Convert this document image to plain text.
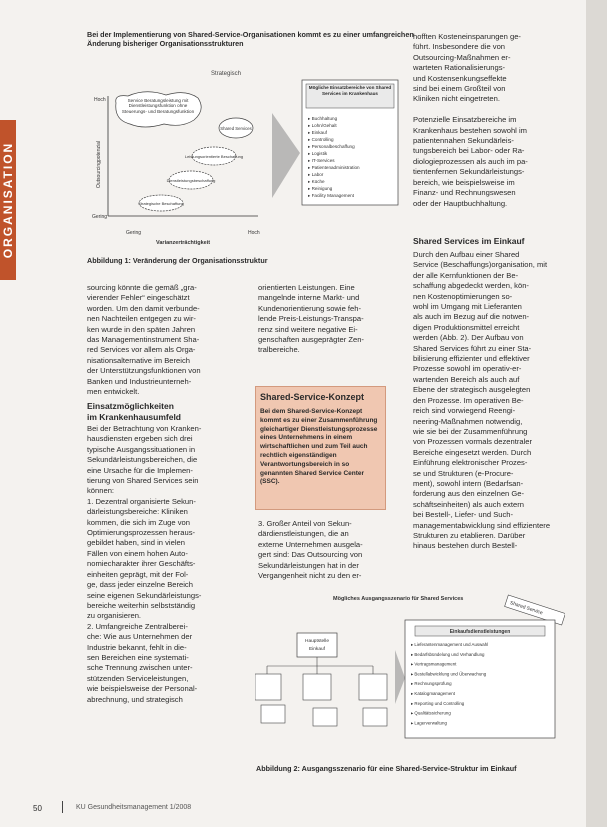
ORGANISATION
Bei der Implementierung von Shared-Service-Organisationen kommt es zu einer umfangreichen Änderung bisheriger Organisationsstrukturen
Strategisch
Hoch
Gering
Outsourcingpotenzial
Gering	Hoch
Varianzerträchtigkeit
Service Beratungsleistung mit Dienstleistungsfunktion ohne Steuerungs- und Beratungsfunktion
Shared Services
Leistungsorientierte Beschaffung
Dienstleistungsbeschaffung
Strategische Beschaffung
Mögliche Einsatzbereiche von Shared Services im Krankenhaus
▸ Buchhaltung
▸ Lohn/Gehalt
▸ Einkauf
▸ Controlling
▸ Personalbeschaffung
▸ Logistik
▸ IT-Services
▸ Patientenadministration
▸ Labor
▸ Küche
▸ Reinigung
▸ Facility Management
Abbildung 1: Veränderung der Organisationsstruktur
sourcing könnte die gemäß „gra-
vierender Fehler“ eingeschätzt
worden. Um den damit verbunde-
nen Nachteilen entgegen zu wir-
ken wurde in den späten Jahren
das Managementinstrument Sha-
red Services vor allem als Orga-
nisationsalternative im Bereich
der Unterstützungsfunktionen von
Banken und Industrieunterneh-
men entwickelt.
Einsatzmöglichkeiten
im Krankenhausumfeld
Bei der Betrachtung von Kranken-
hausdiensten ergeben sich drei
typische Ausgangssituationen in
Sekundärleistungsbereichen, die
eine Ursache für die Implemen-
tierung von Shared Services sein
können:
1. Dezentral organisierte Sekun-
därleistungsbereiche: Kliniken
kommen, die sich im Zuge von
Optimierungsprozessen heraus-
gebildet haben, sind in vielen
Fällen von einem hohen Auto-
nomiecharakter ihrer Geschäfts-
einheiten geprägt, mit der Fol-
ge, dass jeder einzelne Bereich
seine eigenen Sekundärleistungs-
bereiche weiterhin selbstständig
zu organisieren.
2. Umfangreiche Zentralberei-
che: Wie aus Unternehmen der
Industrie bekannt, fehlt in die-
sen Bereichen eine systemati-
sche Trennung zwischen unter-
stützenden Serviceleistungen,
wie beispielsweise der Personal-
abrechnung, und strategisch
orientierten Leistungen. Eine
mangelnde interne Markt- und
Kundenorientierung sowie feh-
lende Preis-Leistungs-Transpa-
renz sind weitere negative Ei-
genschaften ausgeprägter Zen-
tralbereiche.
Shared-Service-Konzept
Bei dem Shared-Service-Konzept kommt es zu einer Zusammenführung gleichartiger Dienstleistungsprozesse eines Unternehmens in einem wirtschaftlichen und zum Teil auch rechtlich eigenständigen Verantwortungsbereich in so genannten Shared Service Center (SSC).
3. Großer Anteil von Sekun-
därdienstleistungen, die an
externe Unternehmen ausgela-
gert sind: Das Outsourcing von
Sekundärleistungen hat in der
Vergangenheit nicht zu den er-
hofften Kosteneinsparungen ge-
führt. Insbesondere die von
Outsourcing-Maßnahmen er-
warteten Rationalisierungs-
und Kostensenkungseffekte
sind bei einem Großteil von
Kliniken nicht eingetreten.

Potenzielle Einsatzbereiche im
Krankenhaus bestehen sowohl im
patientennahen Sekundärleis-
tungsbereich bei Labor- oder Ra-
diologieprozessen als auch im pa-
tientenfernen Sekundärleistungs-
bereich, wie beispielsweise im
Finanz- und Rechnungswesen
oder der Hauptbuchhaltung.
Shared Services im Einkauf
Durch den Aufbau einer Shared
Service (Beschaffungs)organisation, mit
der alle Kernfunktionen der Be-
schaffung abgedeckt werden, kön-
nen Kostenoptimierungen so-
wohl im Umgang mit Lieferanten
als auch im Bezug auf die notwen-
digen Produktionsmittel erreicht
werden (Abb. 2). Der Aufbau von
Shared Services führt zu einer Sta-
bilisierung effizienter und effektiver
Prozesse sowohl im operativ-er-
wartenden Bereich als auch auf
Ebene der strategisch ausgelegten
den Prozesse. Im operativen Be-
reich sind vorwiegend Reengi-
neering-Maßnahmen notwendig,
wie sie bei der Zusammenführung
von Prozessen vormals dezentraler
Bereiche eingesetzt werden. Durch
Einführung elektronischer Prozes-
se und Strukturen (e-Procure-
ment), sowohl intern (Bedarfsan-
forderung aus den einzelnen Ge-
schäftseinheiten) als auch extern
bei Bestell-, Liefer- und Such-
managementabwicklung sind effizientere
Strukturen zu etablieren. Darüber
hinaus bestehen durch Bestell-
Mögliches Ausgangsszenario für Shared Services
Shared Service
Hauptstelle
Einkauf
Einkaufsdienstleistungen
▸ Lieferantenmanagement und Auswahl
▸ Bedarfsbündelung und Verhandlung
▸ Vertragsmanagement
▸ Bestellabwicklung und Überwachung
▸ Rechnungsprüfung
▸ Katalogmanagement
▸ Reporting und Controlling
▸ Qualitätssicherung
▸ Lagerverwaltung
Abbildung 2: Ausgangsszenario für eine Shared-Service-Struktur im Einkauf
50	KU Gesundheitsmanagement 1/2008
